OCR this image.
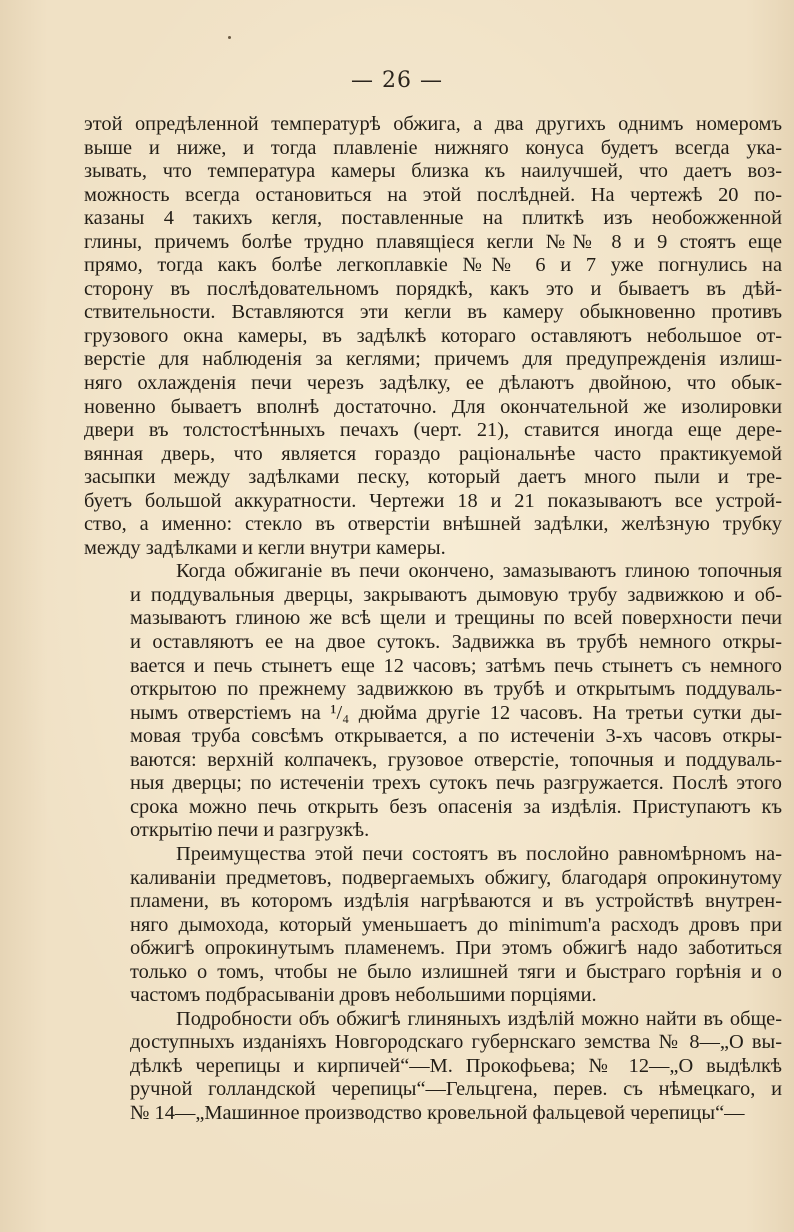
— 26 —

этой опредѣленной температурѣ обжига, а два другихъ однимъ номеромъ
выше и ниже, и тогда плавленіе нижняго конуса будетъ всегда ука-
зывать, что температура камеры близка къ наилучшей, что даетъ воз-
можность всегда остановиться на этой послѣдней. На чертежѣ 20 по-
казаны 4 такихъ кегля, поставленные на плиткѣ изъ необожженной
глины, причемъ болѣе трудно плавящіеся кегли №№ 8 и 9 стоятъ еще
прямо, тогда какъ болѣе легкоплавкіе №№ 6 и 7 уже погнулись на
сторону въ послѣдовательномъ порядкѣ, какъ это и бываетъ въ дѣй-
ствительности. Вставляются эти кегли въ камеру обыкновенно противъ
грузового окна камеры, въ задѣлкѣ котораго оставляютъ небольшое от-
верстіе для наблюденія за кеглями; причемъ для предупрежденія излиш-
няго охлажденія печи черезъ задѣлку, ее дѣлаютъ двойною, что обык-
новенно бываетъ вполнѣ достаточно. Для окончательной же изолировки
двери въ толстостѣнныхъ печахъ (черт. 21), ставится иногда еще дере-
вянная дверь, что является гораздо раціональнѣе часто практикуемой
засыпки между задѣлками песку, который даетъ много пыли и тре-
буетъ большой аккуратности. Чертежи 18 и 21 показываютъ все устрой-
ство, а именно: стекло въ отверстіи внѣшней задѣлки, желѣзную трубку
между задѣлками и кегли внутри камеры.

Когда обжиганіе въ печи окончено, замазываютъ глиною топочныя
и поддувальныя дверцы, закрываютъ дымовую трубу задвижкою и об-
мазываютъ глиною же всѣ щели и трещины по всей поверхности печи
и оставляютъ ее на двое сутокъ. Задвижка въ трубѣ немного откры-
вается и печь стынетъ еще 12 часовъ; затѣмъ печь стынетъ съ немного
открытою по прежнему задвижкою въ трубѣ и открытымъ поддуваль-
нымъ отверстіемъ на ¹/₄ дюйма другіе 12 часовъ. На третьи сутки ды-
мовая труба совсѣмъ открывается, а по истеченіи 3-хъ часовъ откры-
ваются: верхній колпачекъ, грузовое отверстіе, топочныя и поддуваль-
ныя дверцы; по истеченіи трехъ сутокъ печь разгружается. Послѣ этого
срока можно печь открыть безъ опасенія за издѣлія. Приступаютъ къ
открытію печи и разгрузкѣ.

Преимущества этой печи состоятъ въ послойно равномѣрномъ на-
каливаніи предметовъ, подвергаемыхъ обжигу, благодаря опрокинутому
пламени, въ которомъ издѣлія нагрѣваются и въ устройствѣ внутрен-
няго дымохода, который уменьшаетъ до minimum'a расходъ дровъ при
обжигѣ опрокинутымъ пламенемъ. При этомъ обжигѣ надо заботиться
только о томъ, чтобы не было излишней тяги и быстраго горѣнія и о
частомъ подбрасываніи дровъ небольшими порціями.

Подробности объ обжигѣ глиняныхъ издѣлій можно найти въ обще-
доступныхъ изданіяхъ Новгородскаго губернскаго земства № 8—„О вы-
дѣлкѣ черепицы и кирпичей“—М. Прокофьева; № 12—„О выдѣлкѣ
ручной голландской черепицы“—Гельцгена, перев. съ нѣмецкаго, и
№ 14—„Машинное производство кровельной фальцевой черепицы“—
